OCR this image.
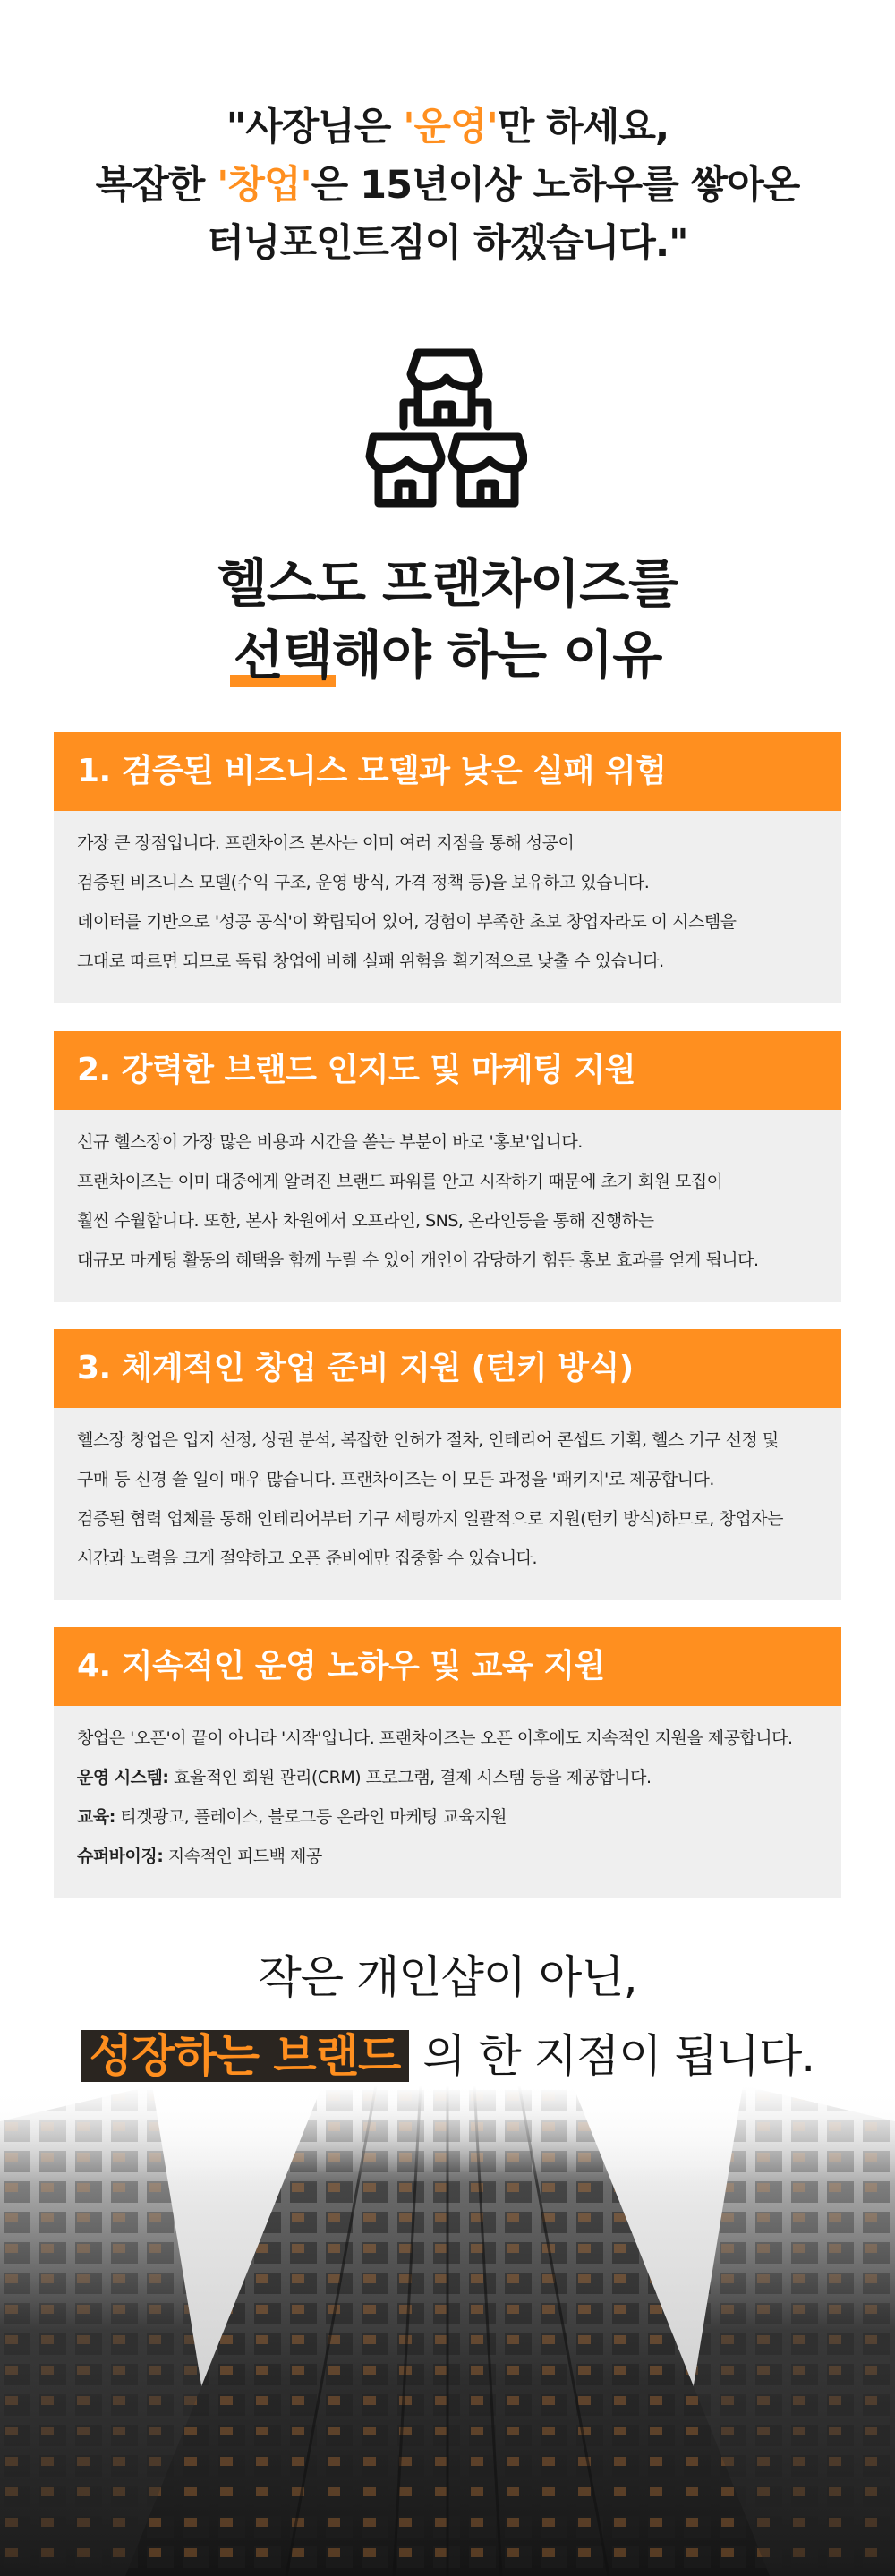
"사장님은 '운영'만 하세요,
복잡한 '창업'은 15년이상 노하우를 쌓아온
터닝포인트짐이 하겠습니다."
헬스도 프랜차이즈를
선택해야 하는 이유
1. 검증된 비즈니스 모델과 낮은 실패 위험
가장 큰 장점입니다. 프랜차이즈 본사는 이미 여러 지점을 통해 성공이
검증된 비즈니스 모델(수익 구조, 운영 방식, 가격 정책 등)을 보유하고 있습니다.
데이터를 기반으로 '성공 공식'이 확립되어 있어, 경험이 부족한 초보 창업자라도 이 시스템을
그대로 따르면 되므로 독립 창업에 비해 실패 위험을 획기적으로 낮출 수 있습니다.
2. 강력한 브랜드 인지도 및 마케팅 지원
신규 헬스장이 가장 많은 비용과 시간을 쏟는 부분이 바로 '홍보'입니다.
프랜차이즈는 이미 대중에게 알려진 브랜드 파워를 안고 시작하기 때문에 초기 회원 모집이
훨씬 수월합니다. 또한, 본사 차원에서 오프라인, SNS, 온라인등을 통해 진행하는
대규모 마케팅 활동의 혜택을 함께 누릴 수 있어 개인이 감당하기 힘든 홍보 효과를 얻게 됩니다.
3. 체계적인 창업 준비 지원 (턴키 방식)
헬스장 창업은 입지 선정, 상권 분석, 복잡한 인허가 절차, 인테리어 콘셉트 기획, 헬스 기구 선정 및
구매 등 신경 쓸 일이 매우 많습니다. 프랜차이즈는 이 모든 과정을 '패키지'로 제공합니다.
검증된 협력 업체를 통해 인테리어부터 기구 세팅까지 일괄적으로 지원(턴키 방식)하므로, 창업자는
시간과 노력을 크게 절약하고 오픈 준비에만 집중할 수 있습니다.
4. 지속적인 운영 노하우 및 교육 지원
창업은 '오픈'이 끝이 아니라 '시작'입니다. 프랜차이즈는 오픈 이후에도 지속적인 지원을 제공합니다.
운영 시스템: 효율적인 회원 관리(CRM) 프로그램, 결제 시스템 등을 제공합니다.
교육: 티겟광고, 플레이스, 블로그등 온라인 마케팅 교육지원
슈퍼바이징: 지속적인 피드백 제공
작은 개인샵이 아닌,
성장하는 브랜드 의 한 지점이 됩니다.
